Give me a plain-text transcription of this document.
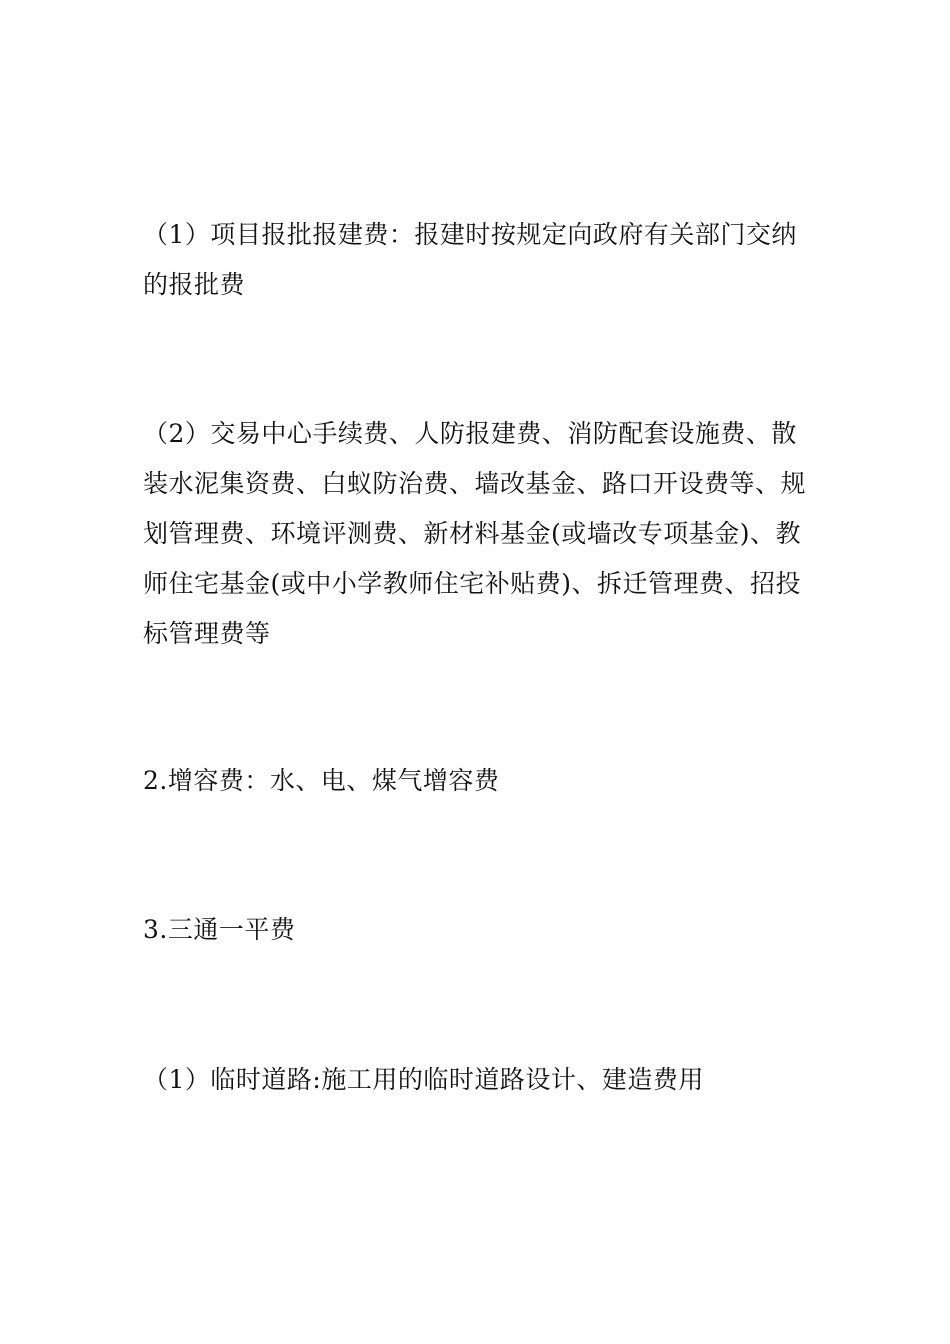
（1）项目报批报建费：报建时按规定向政府有关部门交纳的报批费

（2）交易中心手续费、人防报建费、消防配套设施费、散装水泥集资费、白蚁防治费、墙改基金、路口开设费等、规划管理费、环境评测费、新材料基金(或墙改专项基金)、教师住宅基金(或中小学教师住宅补贴费)、拆迁管理费、招投标管理费等

2.增容费：水、电、煤气增容费

3.三通一平费

（1）临时道路:施工用的临时道路设计、建造费用
